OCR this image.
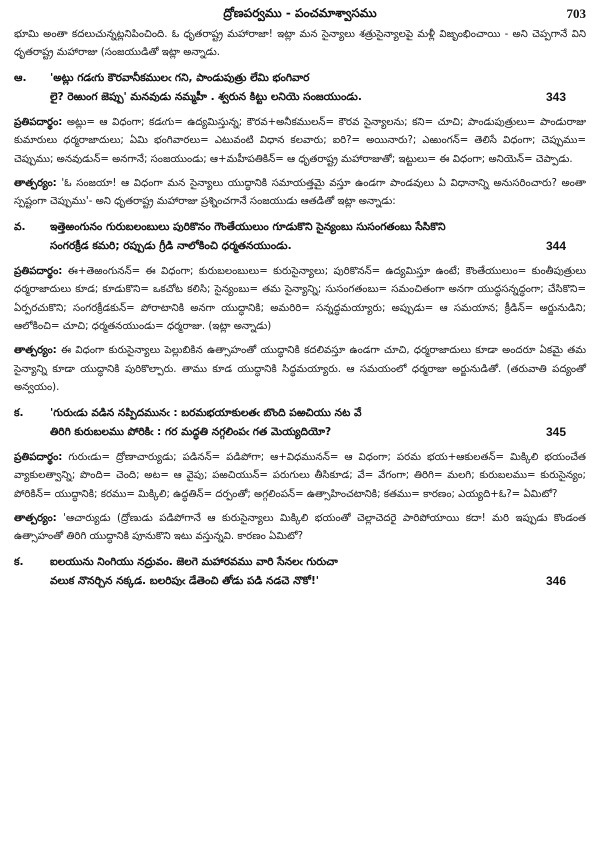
ద్రోణపర్వము - పంచమాశ్వాసము	703

భూమి అంతా కదలుచున్నట్లనిపించింది. ఓ ధృతరాష్ట్ర మహారాజా! ఇట్లా మన సైన్యాలు శత్రుసైన్యాలపై మళ్లీ విజృంభించాయి - అని చెప్పగానే విని ధృతరాష్ట్ర మహారాజు (సంజయుడితో ఇట్లా అన్నాడు.

ఆ.	'అట్లు గడఁగు కౌరవానీకములఁ గని, పాండుపుత్రు లేమి భంగివార
343
లై? రెఱుంగ జెప్పు' మనవుడు నమ్మహీ . శ్వరున కిట్టు లనియె సంజయుండు.

ప్రతిపదార్థం: అట్లు= ఆ విధంగా; కడఁగు= ఉద్యమిస్తున్న; కౌరవ+అనీకములన్= కౌరవ సైన్యాలను; కని= చూచి; పాండుపుత్రులు= పాండురాజు కుమారులు ధర్మరాజాదులు; ఏమి భంగివారలు= ఎటువంటి విధాన కలవారు; ఐరి?= అయినారు?; ఎఱుంగన్= తెలిసే విధంగా; చెప్పుము= చెప్పుము; అనవుడున్= అనగానే; సంజయుండు; ఆ+మహీపతికిన్= ఆ ధృతరాష్ట్ర మహారాజుతో; ఇట్టులు= ఈ విధంగా; అనియెన్= చెప్పాడు.

తాత్పర్యం: 'ఓ సంజయా! ఆ విధంగా మన సైన్యాలు యుద్ధానికి సమాయత్తమై వస్తూ ఉండగా పాండవులు ఏ విధానాన్ని అనుసరించారు? అంతా స్పష్టంగా చెప్పుము'- అని ధృతరాష్ట్ర మహారాజు ప్రశ్నించగానే సంజయుడు ఆతడితో ఇట్లా అన్నాడు:

వ.	ఇత్తెఱంగునం గురుబలంబులు పురికొనం గౌంతేయులుం గూడుకొని సైన్యంబు సుసంగతంబు సేసికొని
344
సంగరక్రీడ కమరి; రప్పుడు గ్రీడి నాలోకించి ధర్మతనయుండు.

ప్రతిపదార్థం: ఈ+తెఱంగునన్= ఈ విధంగా; కురుబలంబులు= కురుసైన్యాలు; పురికొనన్= ఉద్యమిస్తూ ఉంటే; కౌంతేయులుం= కుంతీపుత్రులు ధర్మరాజాదులు కూడ; కూడుకొని= ఒకచోట కలిసి; సైన్యంబు= తమ సైన్యాన్ని; సుసంగతంబు= సమంచితంగా అనగా యుద్ధసన్నద్ధంగా; చేసికొని= ఏర్పరచుకొని; సంగరక్రీడకున్= పోరాటానికి అనగా యుద్ధానికి; అమరిరి= సన్నద్ధమయ్యారు; అప్పుడు= ఆ సమయాన; క్రీడిన్= అర్జునుడిని; ఆలోకించి= చూచి; ధర్మతనయుండు= ధర్మరాజు. (ఇట్లా అన్నాడు)

తాత్పర్యం: ఈ విధంగా కురుసైన్యాలు పెల్లుబికిన ఉత్సాహంతో యుద్ధానికి కదలివస్తూ ఉండగా చూచి, ధర్మరాజాదులు కూడా అందరూ ఏకమై తమ సైన్యాన్ని కూడా యుద్ధానికి పురికొల్పారు. తాము కూడ యుద్ధానికి సిద్ధమయ్యారు. ఆ సమయంలో ధర్మరాజు అర్జునుడితో. (తరువాతి పద్యంతో అన్వయం).

క.	'గురుఁడు వడిన నప్పిదమునఁ : బరమభయాకులతఁ బొంది పఱచియు నట వే
345
తిరిగి కురుబలము పోరికిఁ : గర మద్ధతి నగ్గలింపఁ గత మెయ్యదియో?

ప్రతిపదార్థం: గురుఁడు= ద్రోణాచార్యుడు; పడినన్= పడిపోగా; ఆ+విధమునన్= ఆ విధంగా; పరమ భయ+ఆకులతన్= మిక్కిలి భయంచేత వ్యాకులత్వాన్ని; పొంది= చెంది; అట= ఆ వైపు; పఱచియున్= పరుగులు తీసికూడ; వే= వేగంగా; తిరిగి= మలగి; కురుబలము= కురుసైన్యం; పోరికిన్= యుద్ధానికి; కరము= మిక్కిలి; ఉద్ధతిన్= దర్పంతో; అగ్గలింపన్= ఉత్సాహించటానికి; కతము= కారణం; ఎయ్యది+ఓ?= ఏమిటో?

తాత్పర్యం: 'ఆచార్యుడు (ద్రోణుడు పడిపోగానే ఆ కురుసైన్యాలు మిక్కిలి భయంతో చెల్లాచెదరై పారిపోయాయి కదా! మరి ఇప్పుడు కొండంత ఉత్సాహంతో తిరిగి యుద్ధానికి పూనుకొని ఇటు వస్తున్నవి. కారణం ఏమిటో?

క.	ఐలయును నింగియు నద్రువం. జెలగె మహారవము వారి సేనలఁ గురుచా
346
వలుక నొనర్చిన నక్కడ. బలరిపుఁ డేతెంచి తోడు పడి నడచె నొకో!'
